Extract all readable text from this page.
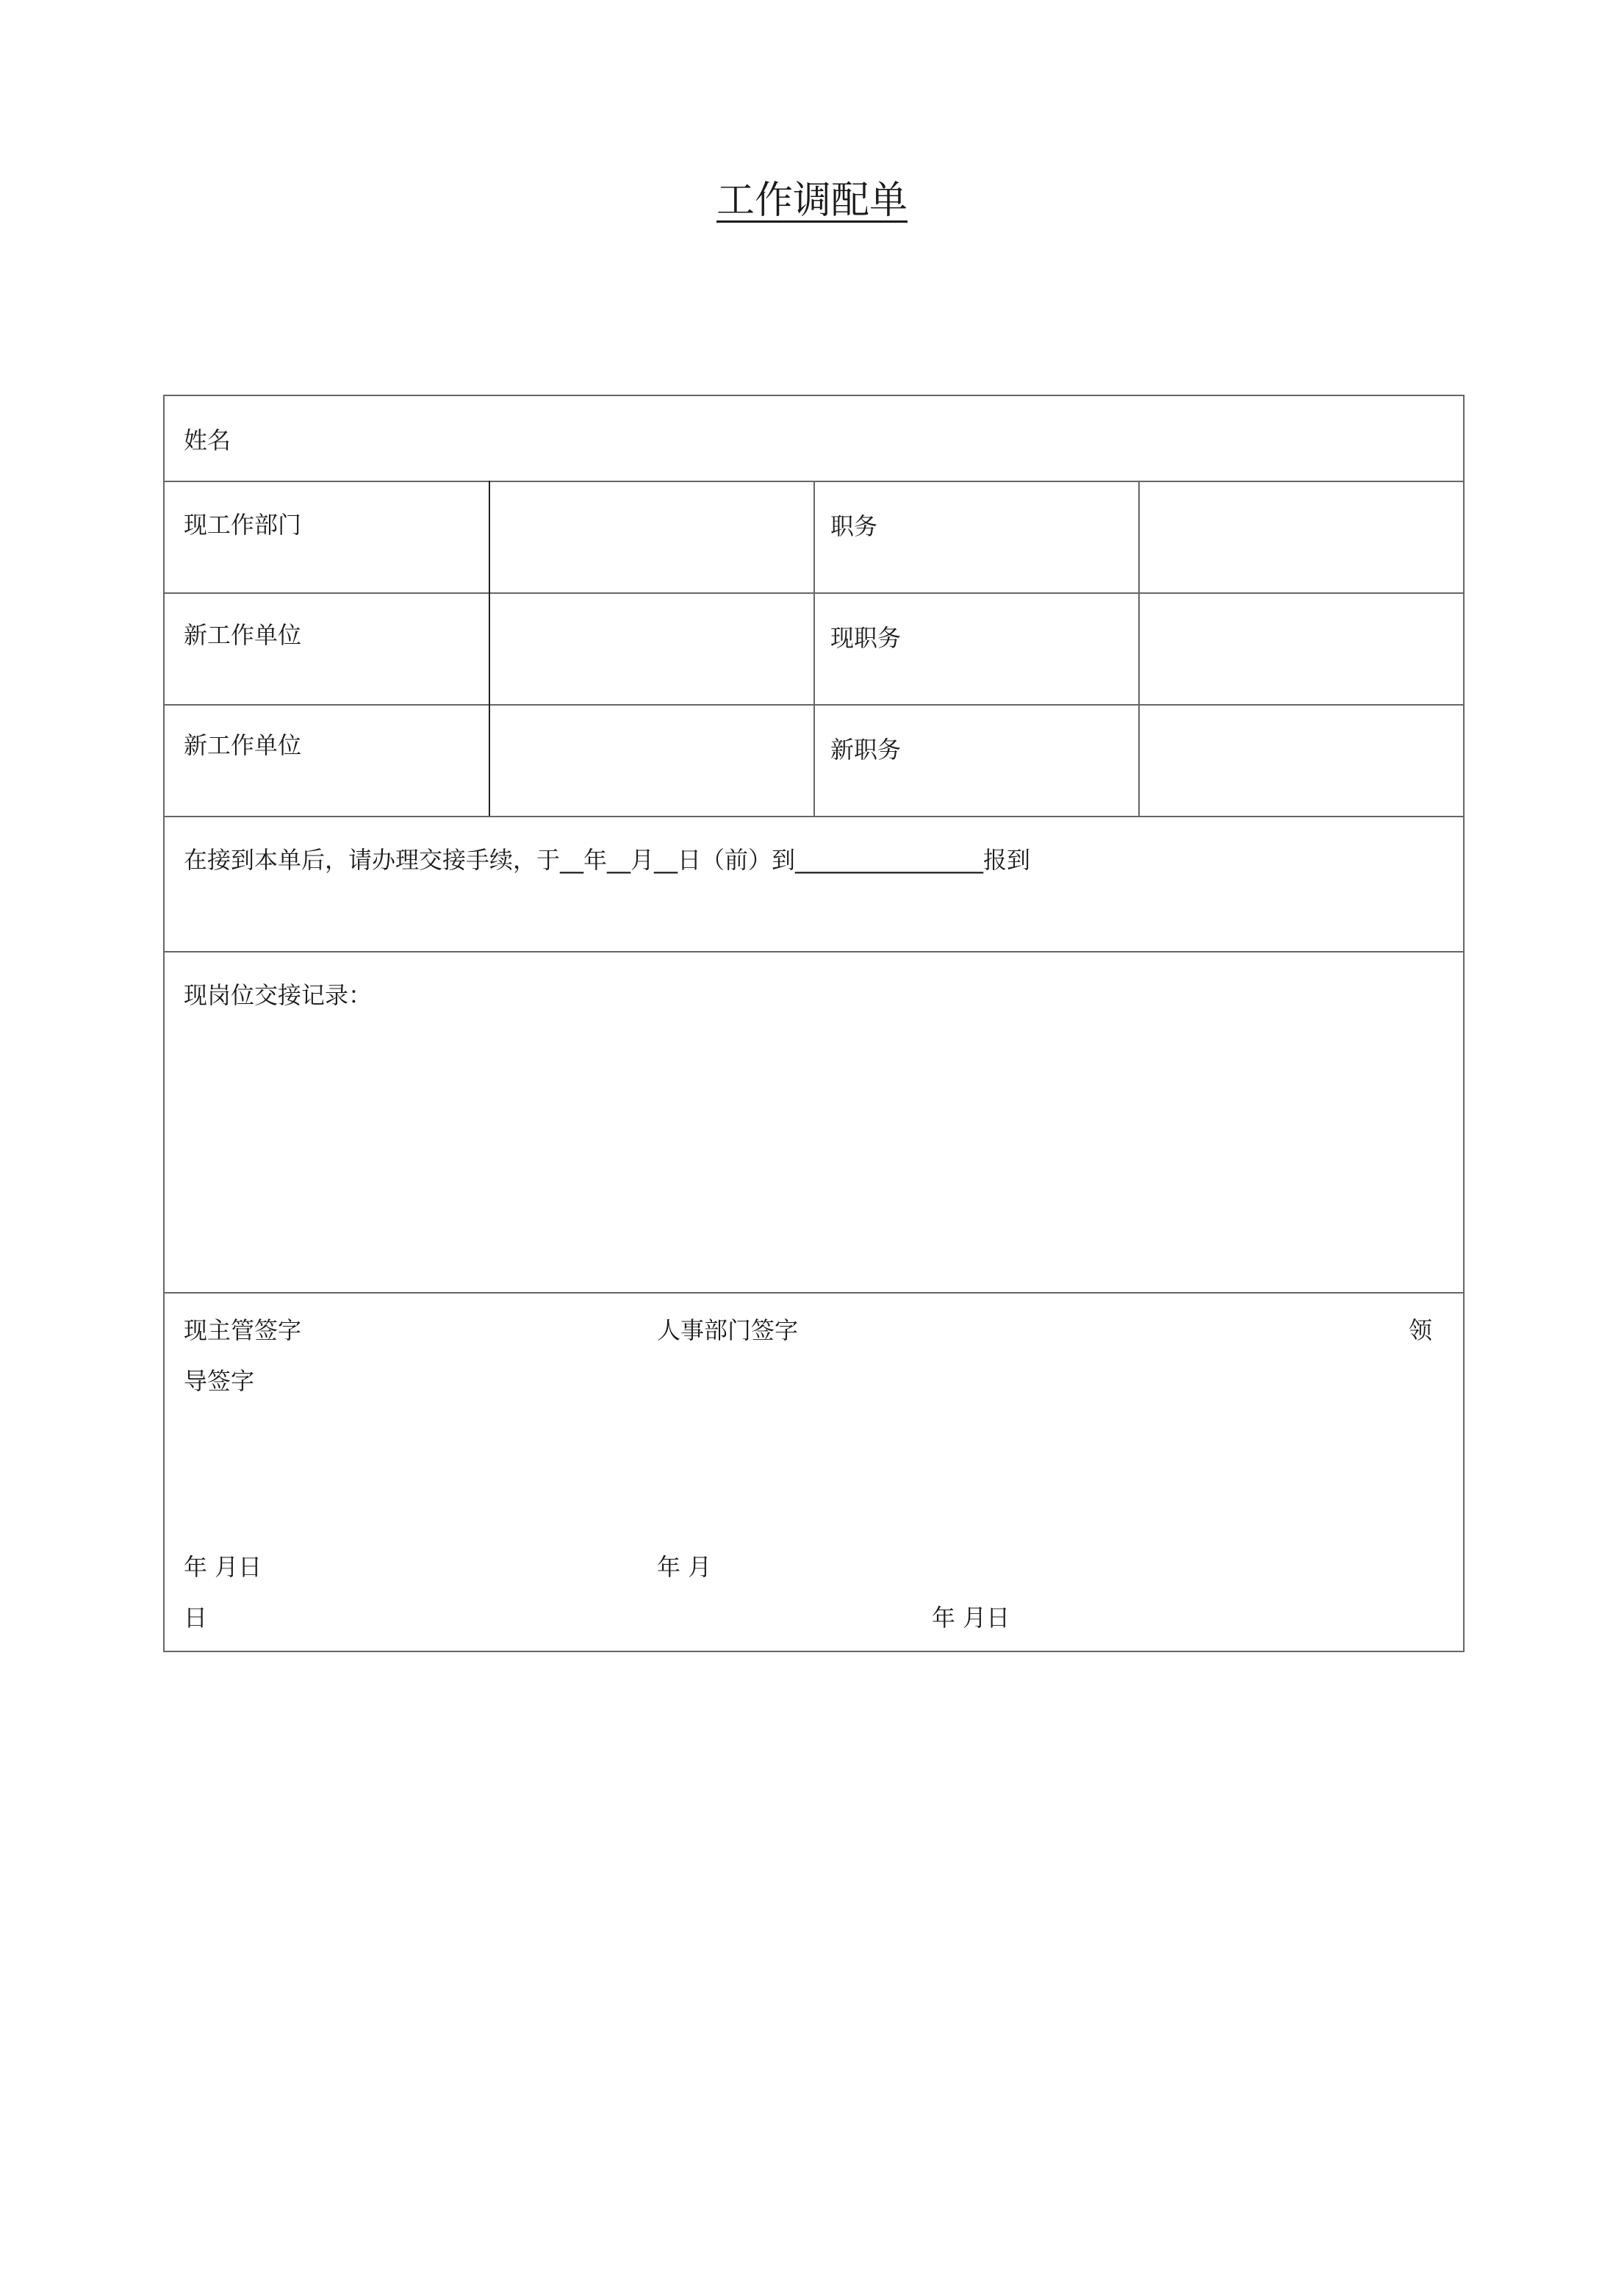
工作调配单

姓名

现工作部门	职务

新工作单位	现职务

新工作单位	新职务

在接到本单后，请办理交接手续，于__年__月__日（前）到________________报到

现岗位交接记录：

现主管签字	人事部门签字	领

导签字

年 月日	年 月

日	年 月日
